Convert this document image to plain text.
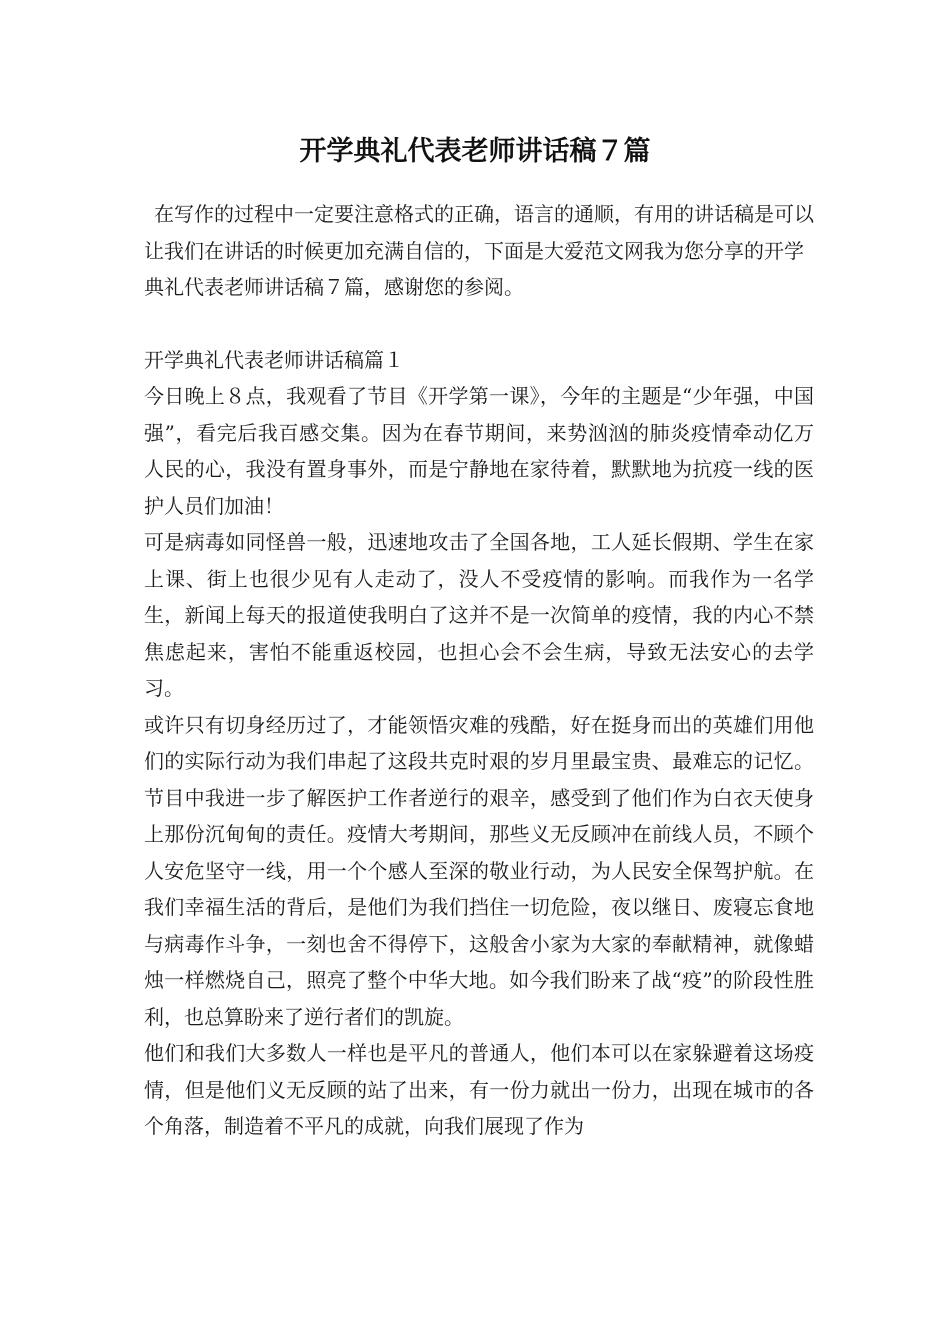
开学典礼代表老师讲话稿７篇
在写作的过程中一定要注意格式的正确，语言的通顺，有用的讲话稿是可以让我们在讲话的时候更加充满自信的，下面是大爱范文网我为您分享的开学典礼代表老师讲话稿７篇，感谢您的参阅。
开学典礼代表老师讲话稿篇１

今日晚上８点，我观看了节目《开学第一课》，今年的主题是“少年强，中国强”，看完后我百感交集。因为在春节期间，来势汹汹的肺炎疫情牵动亿万人民的心，我没有置身事外，而是宁静地在家待着，默默地为抗疫一线的医护人员们加油！

可是病毒如同怪兽一般，迅速地攻击了全国各地，工人延长假期、学生在家上课、街上也很少见有人走动了，没人不受疫情的影响。而我作为一名学生，新闻上每天的报道使我明白了这并不是一次简单的疫情，我的内心不禁焦虑起来，害怕不能重返校园，也担心会不会生病，导致无法安心的去学习。

或许只有切身经历过了，才能领悟灾难的残酷，好在挺身而出的英雄们用他们的实际行动为我们串起了这段共克时艰的岁月里最宝贵、最难忘的记忆。节目中我进一步了解医护工作者逆行的艰辛，感受到了他们作为白衣天使身上那份沉甸甸的责任。疫情大考期间，那些义无反顾冲在前线人员，不顾个人安危坚守一线，用一个个感人至深的敬业行动，为人民安全保驾护航。在我们幸福生活的背后，是他们为我们挡住一切危险，夜以继日、废寝忘食地与病毒作斗争，一刻也舍不得停下，这般舍小家为大家的奉献精神，就像蜡烛一样燃烧自己，照亮了整个中华大地。如今我们盼来了战“疫”的阶段性胜利，也总算盼来了逆行者们的凯旋。

他们和我们大多数人一样也是平凡的普通人，他们本可以在家躲避着这场疫情，但是他们义无反顾的站了出来，有一份力就出一份力，出现在城市的各个角落，制造着不平凡的成就，向我们展现了作为
